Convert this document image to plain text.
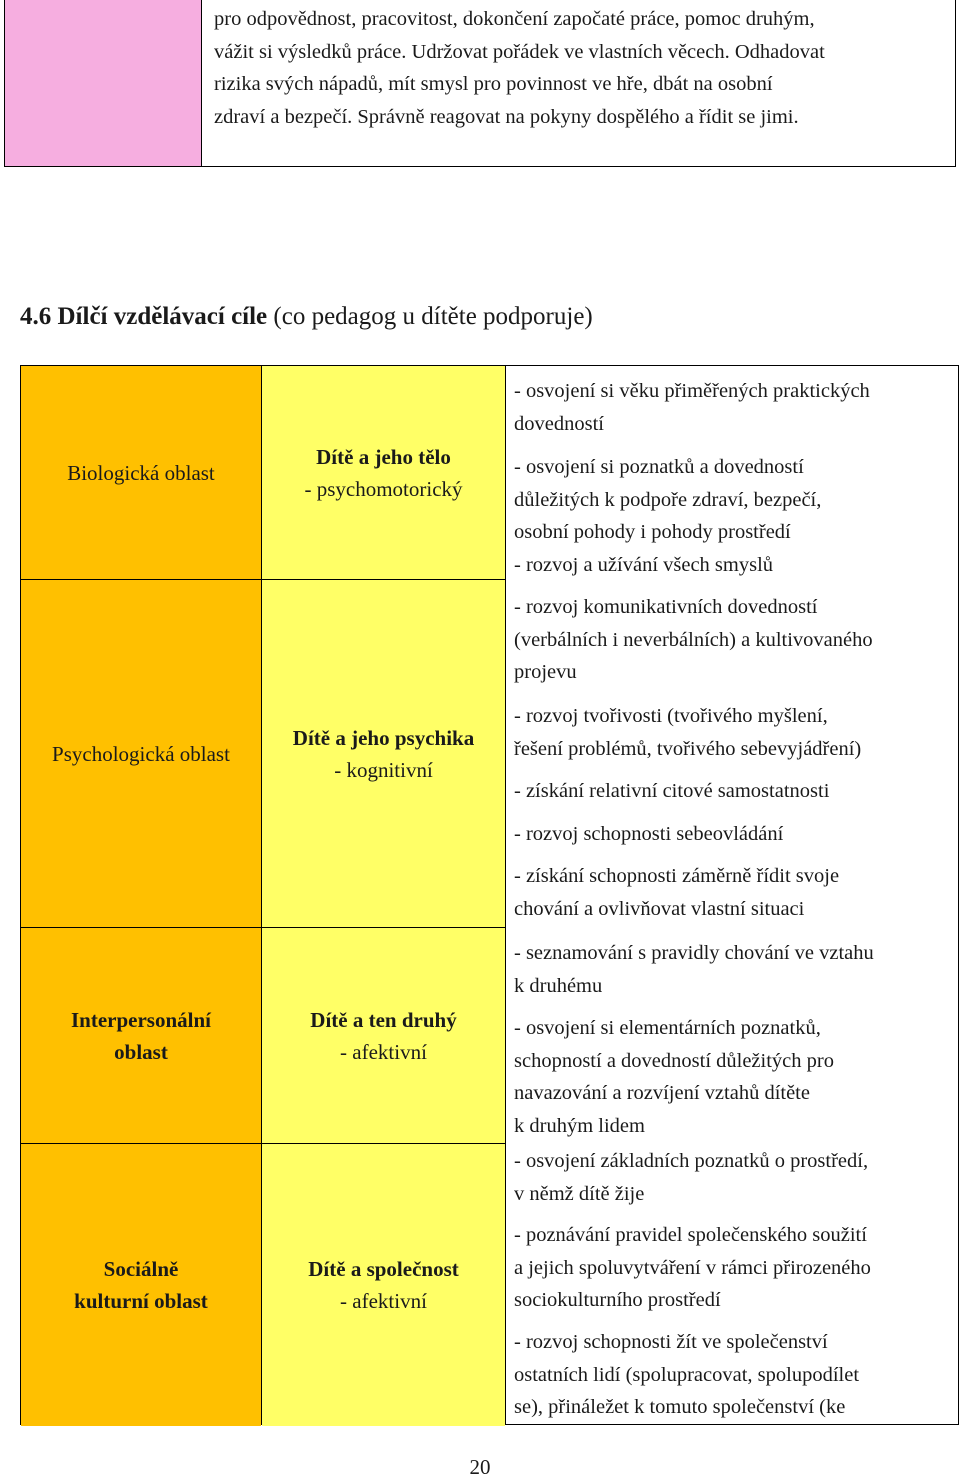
pro odpovědnost, pracovitost, dokončení započaté práce, pomoc druhým,
vážit si výsledků práce. Udržovat pořádek ve vlastních věcech. Odhadovat
rizika svých nápadů, mít smysl pro povinnost ve hře, dbát na osobní
zdraví a bezpečí. Správně reagovat na pokyny dospělého a řídit se jimi.
4.6 Dílčí vzdělávací cíle (co pedagog u dítěte podporuje)
Biologická oblast
Psychologická oblast
Interpersonální oblast
Sociálně kulturní oblast
Dítě a jeho tělo
- psychomotorický
Dítě a jeho psychika
- kognitivní
Dítě a ten druhý
- afektivní
Dítě a společnost
- afektivní
- osvojení si věku přiměřených praktických
dovedností
- osvojení si poznatků a dovedností
důležitých k podpoře zdraví, bezpečí,
osobní pohody i pohody prostředí
- rozvoj a užívání všech smyslů
- rozvoj komunikativních dovedností
(verbálních i neverbálních) a kultivovaného
projevu
- rozvoj tvořivosti (tvořivého myšlení,
řešení problémů, tvořivého sebevyjádření)
- získání relativní citové samostatnosti
- rozvoj schopnosti sebeovládání
- získání schopnosti záměrně řídit svoje
chování a ovlivňovat vlastní situaci
- seznamování s pravidly chování ve vztahu
k druhému
- osvojení si elementárních poznatků,
schopností a dovedností důležitých pro
navazování a rozvíjení vztahů dítěte
k druhým lidem
- osvojení základních poznatků o prostředí,
v němž dítě žije
- poznávání pravidel společenského soužití
a jejich spoluvytváření v rámci přirozeného
sociokulturního prostředí
- rozvoj schopnosti žít ve společenství
ostatních lidí (spolupracovat, spolupodílet
se), přináležet k tomuto společenství (ke
20
